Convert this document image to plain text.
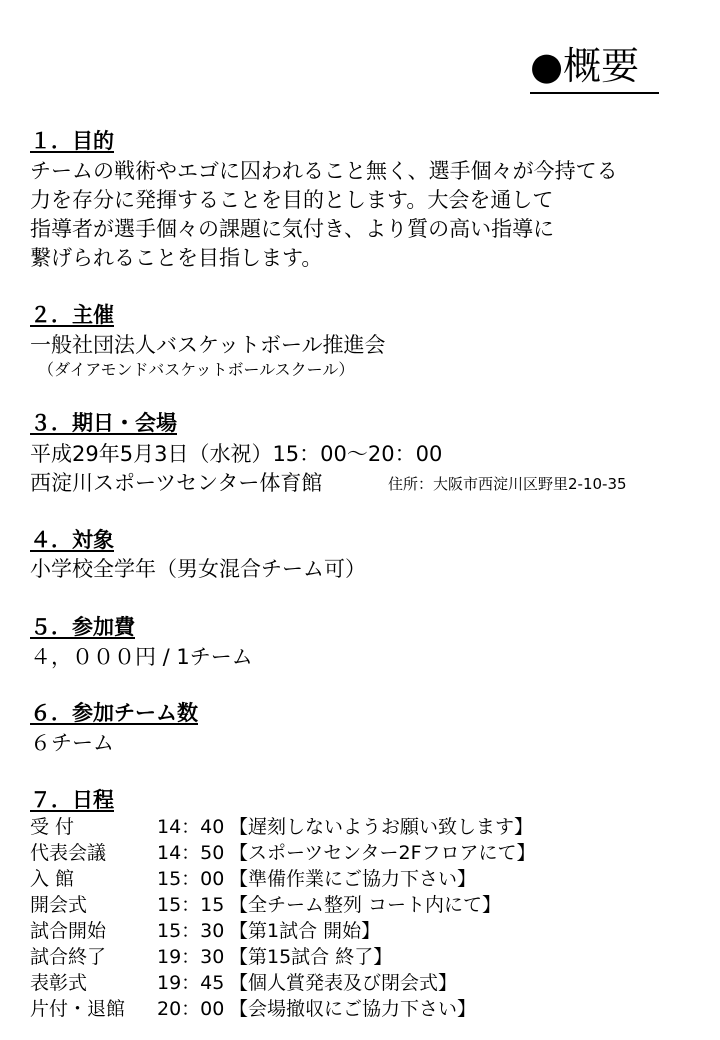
●概要
１．目的
チームの戦術やエゴに囚われること無く、選手個々が今持てる
力を存分に発揮することを目的とします。大会を通して
指導者が選手個々の課題に気付き、より質の高い指導に
繋げられることを目指します。
２．主催
一般社団法人バスケットボール推進会
（ダイアモンドバスケットボールスクール）
３．期日・会場
平成29年5月3日（水祝）15：00〜20：00
西淀川スポーツセンター体育館	住所：大阪市西淀川区野里2-10-35
４．対象
小学校全学年（男女混合チーム可）
５．参加費
４，０００円 / 1チーム
６．参加チーム数
６チーム
７．日程
受 付	14：40 【遅刻しないようお願い致します】
代表会議	14：50 【スポーツセンター2Fフロアにて】
入 館	15：00 【準備作業にご協力下さい】
開会式	15：15 【全チーム整列 コート内にて】
試合開始	15：30 【第1試合 開始】
試合終了	19：30 【第15試合 終了】
表彰式	19：45 【個人賞発表及び閉会式】
片付・退館 20：00 【会場撤収にご協力下さい】
